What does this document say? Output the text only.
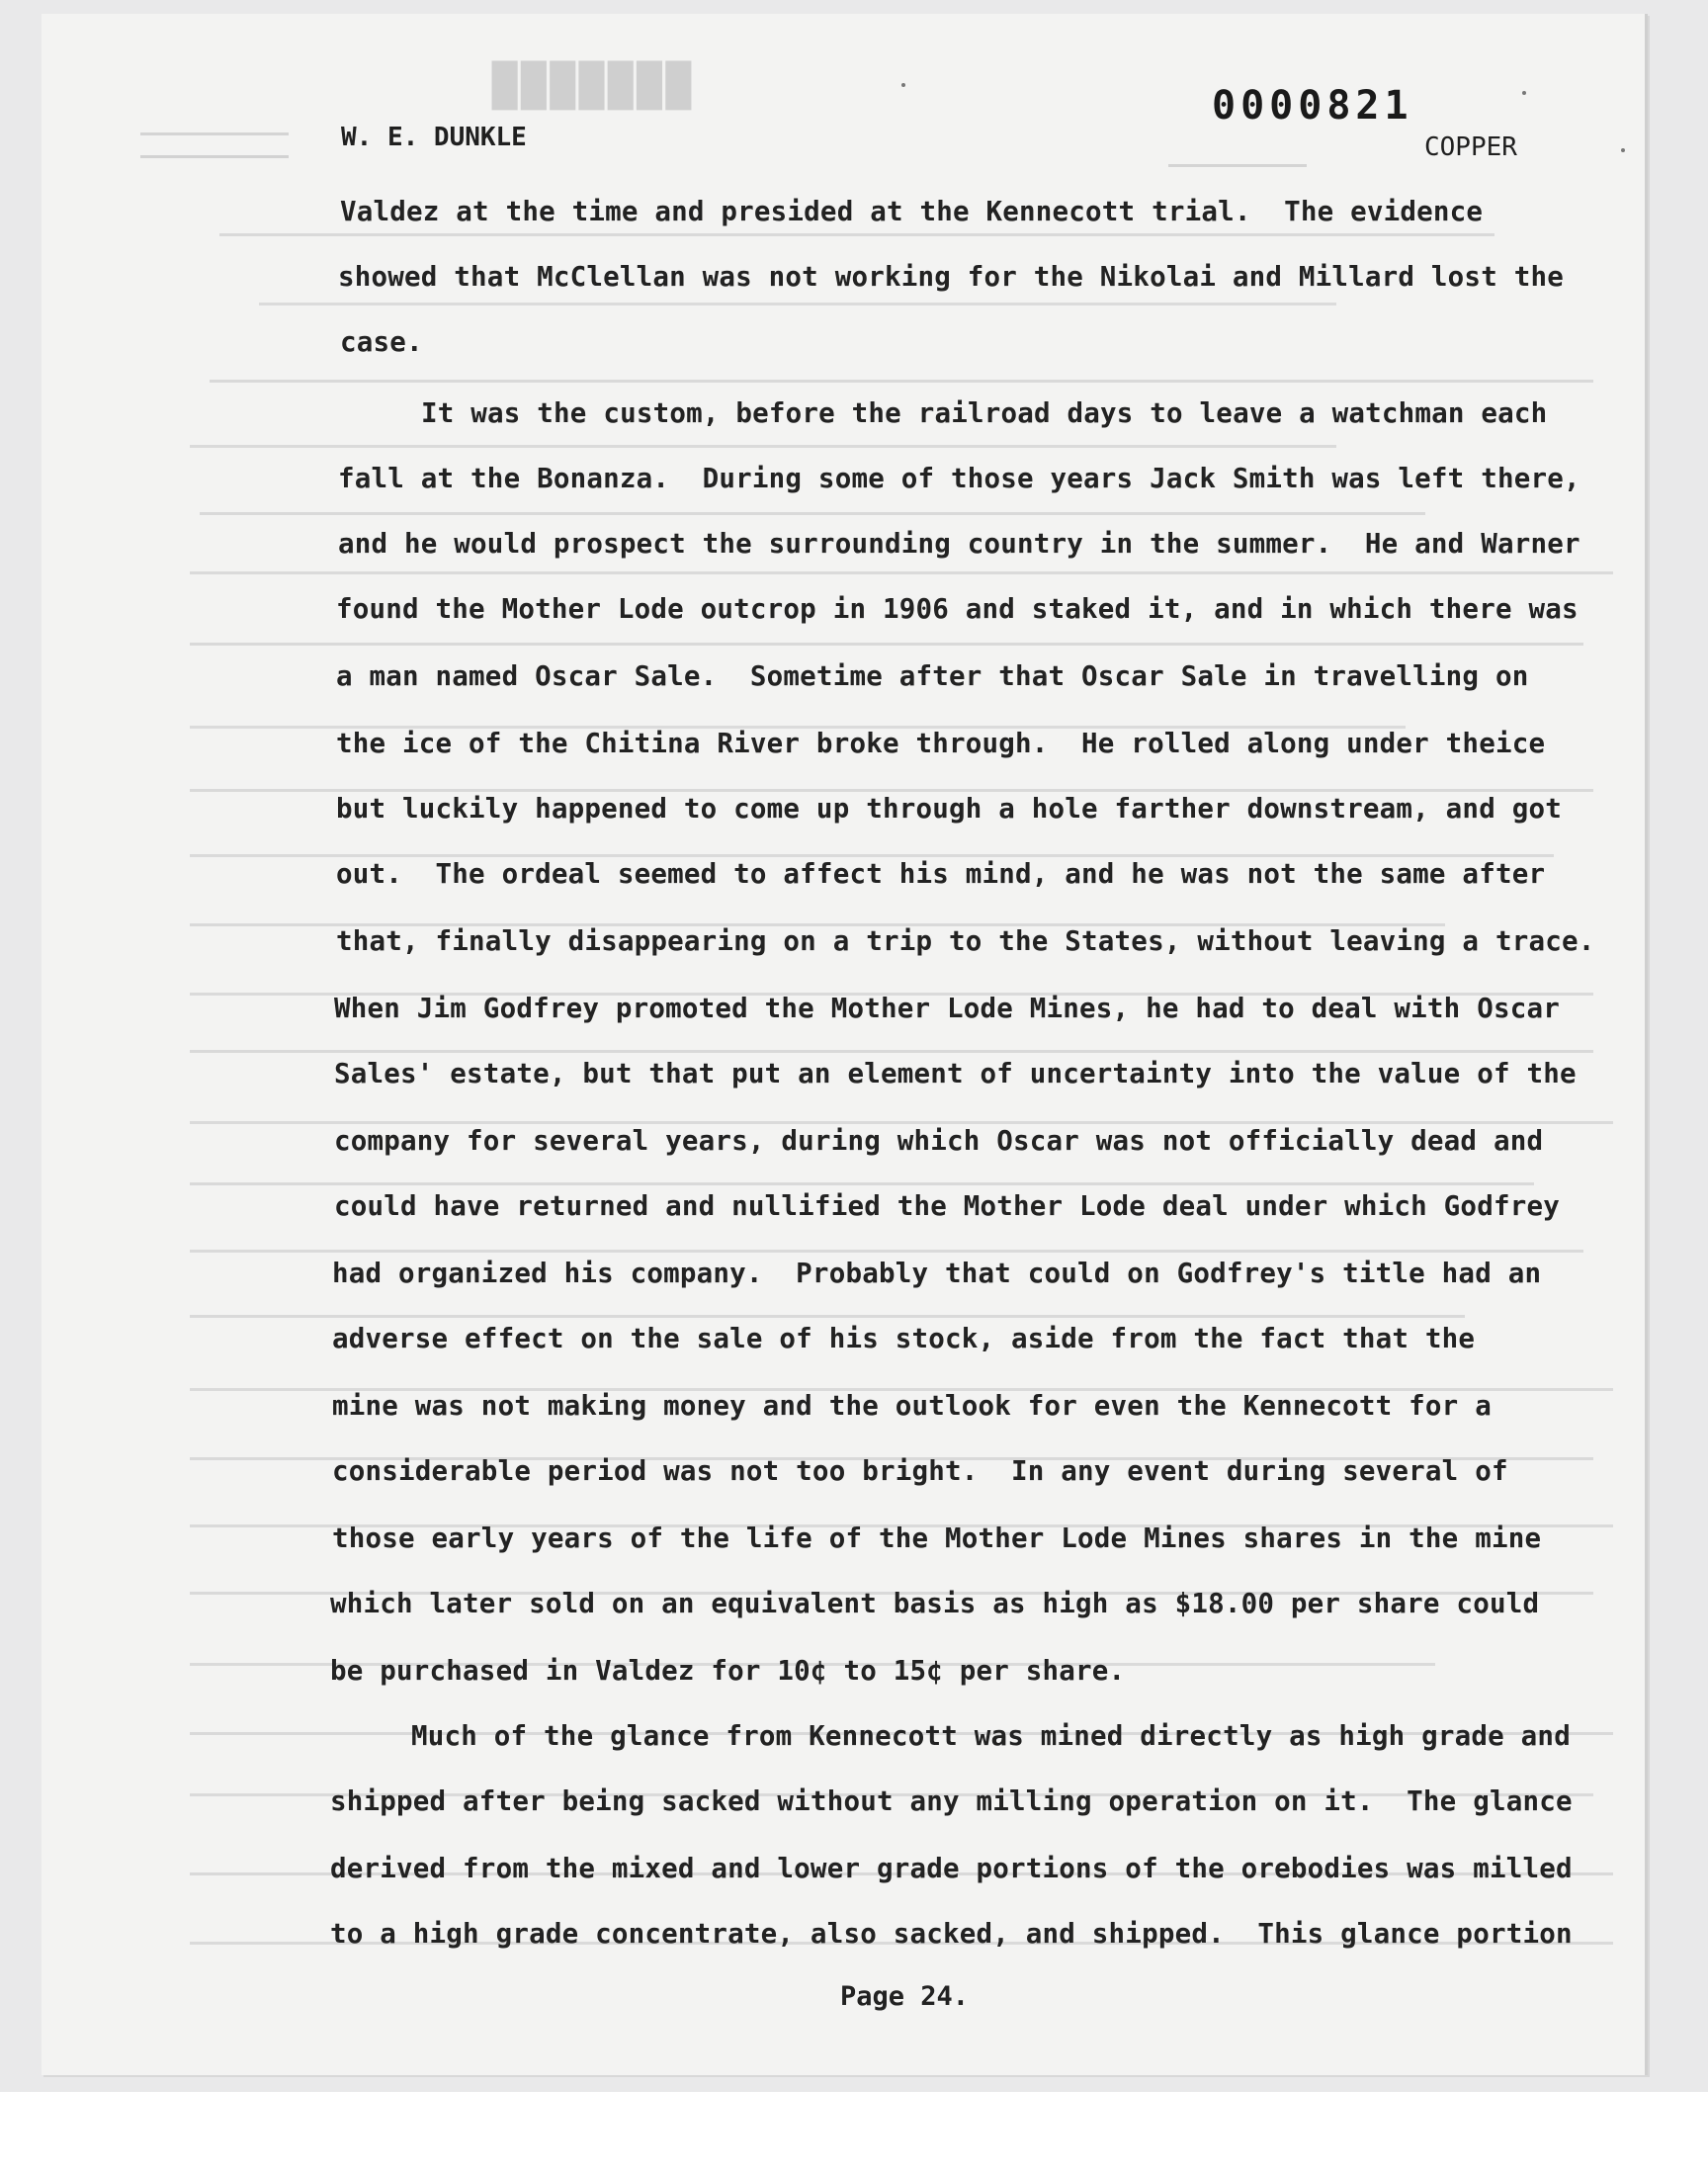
███████
W. E. DUNKLE
0000821
COPPER
Valdez at the time and presided at the Kennecott trial.  The evidence
showed that McClellan was not working for the Nikolai and Millard lost the
case.
It was the custom, before the railroad days to leave a watchman each
fall at the Bonanza.  During some of those years Jack Smith was left there,
and he would prospect the surrounding country in the summer.  He and Warner
found the Mother Lode outcrop in 1906 and staked it, and in which there was
a man named Oscar Sale.  Sometime after that Oscar Sale in travelling on
the ice of the Chitina River broke through.  He rolled along under theice
but luckily happened to come up through a hole farther downstream, and got
out.  The ordeal seemed to affect his mind, and he was not the same after
that, finally disappearing on a trip to the States, without leaving a trace.
When Jim Godfrey promoted the Mother Lode Mines, he had to deal with Oscar
Sales' estate, but that put an element of uncertainty into the value of the
company for several years, during which Oscar was not officially dead and
could have returned and nullified the Mother Lode deal under which Godfrey
had organized his company.  Probably that could on Godfrey's title had an
adverse effect on the sale of his stock, aside from the fact that the
mine was not making money and the outlook for even the Kennecott for a
considerable period was not too bright.  In any event during several of
those early years of the life of the Mother Lode Mines shares in the mine
which later sold on an equivalent basis as high as $18.00 per share could
be purchased in Valdez for 10¢ to 15¢ per share.
Much of the glance from Kennecott was mined directly as high grade and
shipped after being sacked without any milling operation on it.  The glance
derived from the mixed and lower grade portions of the orebodies was milled
to a high grade concentrate, also sacked, and shipped.  This glance portion
Page 24.
